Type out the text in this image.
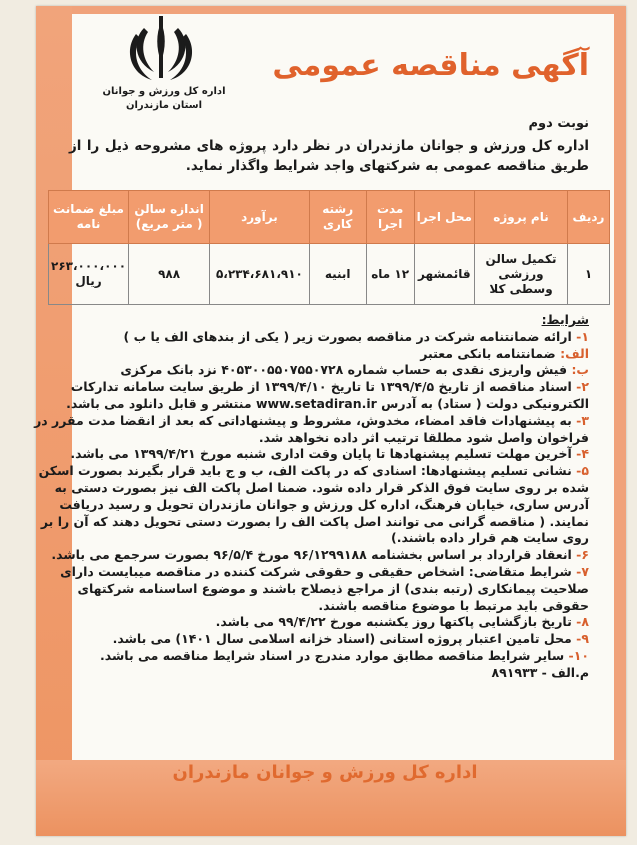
اداره کل ورزش و جوانان
استان مازندران
آگهی مناقصه عمومی
نوبت دوم
اداره کل ورزش و جوانان مازندران در نظر دارد پروژه های مشروحه ذیل را از طریق مناقصه عمومی به شرکتهای واجد شرایط واگذار نماید.
ردیف	نام پروژه	محل اجرا	مدت اجرا	رشته کاری	برآورد	اندازه سالن ( متر مربع)	مبلغ ضمانت نامه
۱	تکمیل سالن ورزشی وسطی کلا	قائمشهر	۱۲ ماه	ابنیه	۵،۲۳۴،۶۸۱،۹۱۰	۹۸۸	۲۶۳،۰۰۰،۰۰۰ ریال

شرایط:

۱- ارائه ضمانتنامه شرکت در مناقصه بصورت زیر ( یکی از بندهای الف یا ب )

الف: ضمانتنامه بانکی معتبر

ب: فیش واریزی نقدی به حساب شماره ۴۰۵۳۰۰۵۵۰۷۵۵۰۷۲۸ نزد بانک مرکزی

۲- اسناد مناقصه از تاریخ ۱۳۹۹/۴/۵ تا تاریخ ۱۳۹۹/۴/۱۰ از طریق سایت سامانه تدارکات الکترونیکی دولت ( ستاد) به آدرس www.setadiran.ir منتشر و قابل دانلود می باشد.

۳- به پیشنهادات فاقد امضاء، مخدوش، مشروط و پیشنهاداتی که بعد از انقضا مدت مقرر در فراخوان واصل شود مطلقا ترتیب اثر داده نخواهد شد.

۴- آخرین مهلت تسلیم پیشنهادها تا پایان وقت اداری شنبه مورخ ۱۳۹۹/۴/۲۱ می باشد.

۵- نشانی تسلیم پیشنهادها: اسنادی که در پاکت الف، ب و ج باید قرار بگیرند بصورت اسکن شده بر روی سایت فوق الذکر قرار داده شود. ضمنا اصل پاکت الف نیز بصورت دستی به آدرس ساری، خیابان فرهنگ، اداره کل ورزش و جوانان مازندران تحویل و رسید دریافت نمایند. ( مناقصه گرانی می توانند اصل پاکت الف را بصورت دستی تحویل دهند که آن را بر روی سایت هم قرار داده باشند.)

۶- انعقاد قرارداد بر اساس بخشنامه ۹۶/۱۲۹۹۱۸۸ مورخ ۹۶/۵/۴ بصورت سرجمع می باشد.

۷- شرایط متقاضی: اشخاص حقیقی و حقوقی شرکت کننده در مناقصه میبایست دارای صلاحیت پیمانکاری (رتبه بندی) از مراجع ذیصلاح باشند و موضوع اساسنامه شرکتهای حقوقی باید مرتبط با موضوع مناقصه باشند.

۸- تاریخ بازگشایی پاکتها روز یکشنبه مورخ ۹۹/۴/۲۲ می باشد.

۹- محل تامین اعتبار پروژه استانی (اسناد خزانه اسلامی سال ۱۴۰۱) می باشد.

۱۰- سایر شرایط مناقصه مطابق موارد مندرج در اسناد شرایط مناقصه می باشد.

م.الف - ۸۹۱۹۳۳

اداره کل ورزش و جوانان مازندران
